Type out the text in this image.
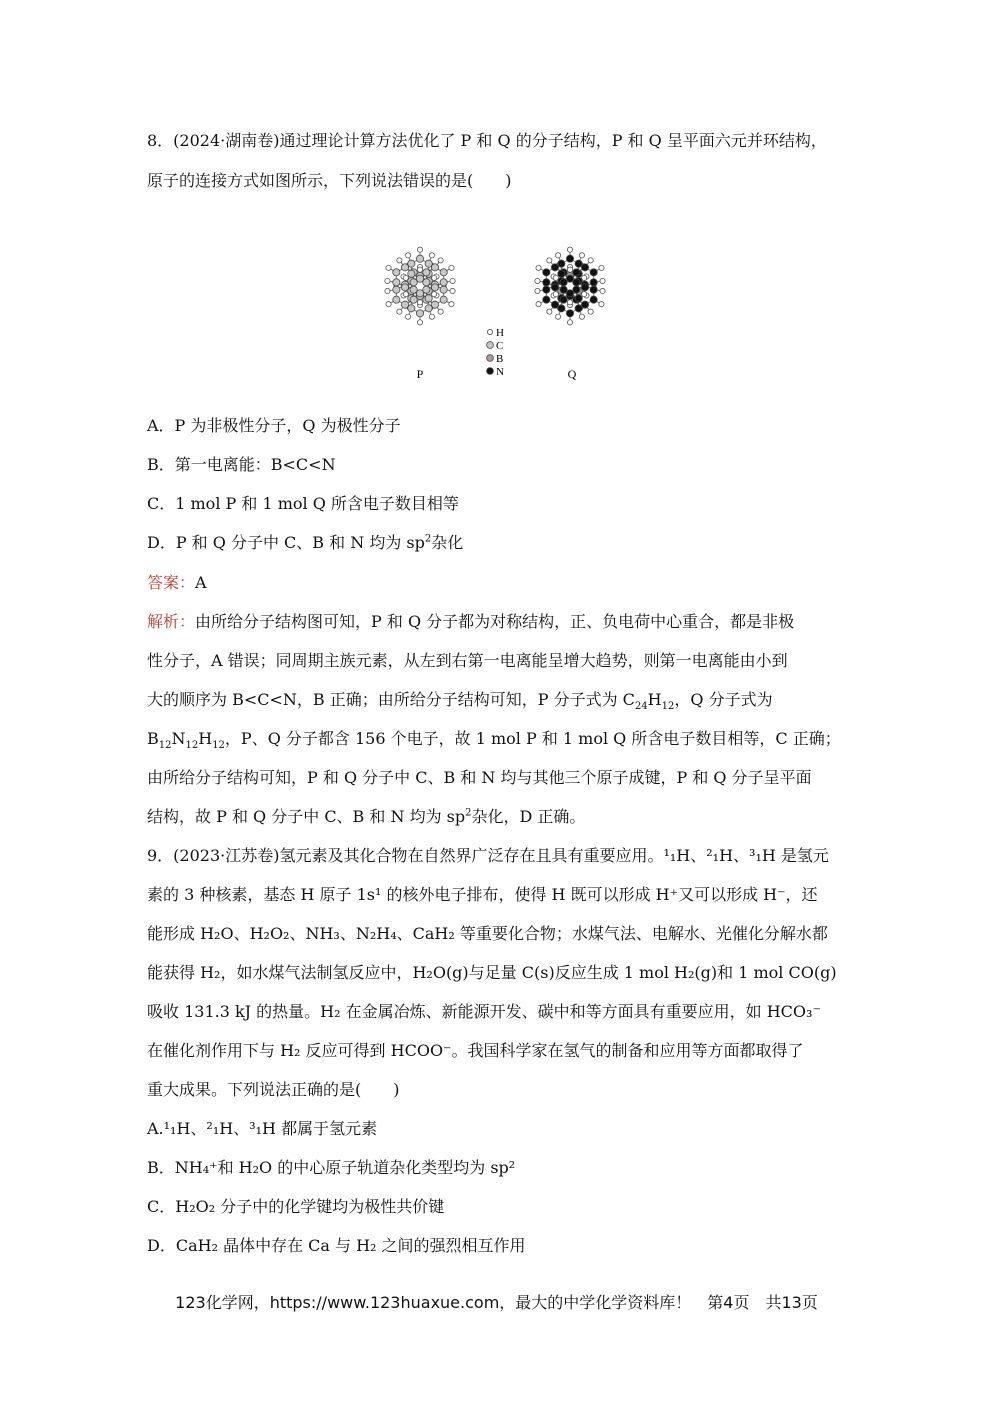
8．(2024·湖南卷)通过理论计算方法优化了 P 和 Q 的分子结构，P 和 Q 呈平面六元并环结构，
原子的连接方式如图所示，下列说法错误的是(　　)
H
C
B
N
P	Q
A．P 为非极性分子，Q 为极性分子
B．第一电离能：B<C<N
C．1 mol P 和 1 mol Q 所含电子数目相等
D．P 和 Q 分子中 C、B 和 N 均为 $sp^2$杂化
答案：A
解析：由所给分子结构图可知，P 和 Q 分子都为对称结构，正、负电荷中心重合，都是非极
性分子，A 错误；同周期主族元素，从左到右第一电离能呈增大趋势，则第一电离能由小到
大的顺序为 B<C<N，B 正确；由所给分子结构可知，P 分子式为 $C_{24}H_{12}$，Q 分子式为
$B_{12}N_{12}H_{12}$，P、Q 分子都含 156 个电子，故 1 mol P 和 1 mol Q 所含电子数目相等，C 正确；
由所给分子结构可知，P 和 Q 分子中 C、B 和 N 均与其他三个原子成键，P 和 Q 分子呈平面
结构，故 P 和 Q 分子中 C、B 和 N 均为 $sp^2$杂化，D 正确。
9．(2023·江苏卷)氢元素及其化合物在自然界广泛存在且具有重要应用。¹₁H、²₁H、³₁H 是氢元
素的 3 种核素，基态 H 原子 1s¹ 的核外电子排布，使得 H 既可以形成 H⁺又可以形成 H⁻，还
能形成 H₂O、H₂O₂、NH₃、N₂H₄、CaH₂ 等重要化合物；水煤气法、电解水、光催化分解水都
能获得 H₂，如水煤气法制氢反应中，H₂O(g)与足量 C(s)反应生成 1 mol H₂(g)和 1 mol CO(g)
吸收 131.3 kJ 的热量。H₂ 在金属冶炼、新能源开发、碳中和等方面具有重要应用，如 HCO₃⁻
在催化剂作用下与 H₂ 反应可得到 HCOO⁻。我国科学家在氢气的制备和应用等方面都取得了
重大成果。下列说法正确的是(　　)
A.¹₁H、²₁H、³₁H 都属于氢元素
B．NH₄⁺和 H₂O 的中心原子轨道杂化类型均为 sp²
C．H₂O₂ 分子中的化学键均为极性共价键
D．CaH₂ 晶体中存在 Ca 与 H₂ 之间的强烈相互作用
123化学网，https://www.123huaxue.com，最大的中学化学资料库！　第4页　共13页
